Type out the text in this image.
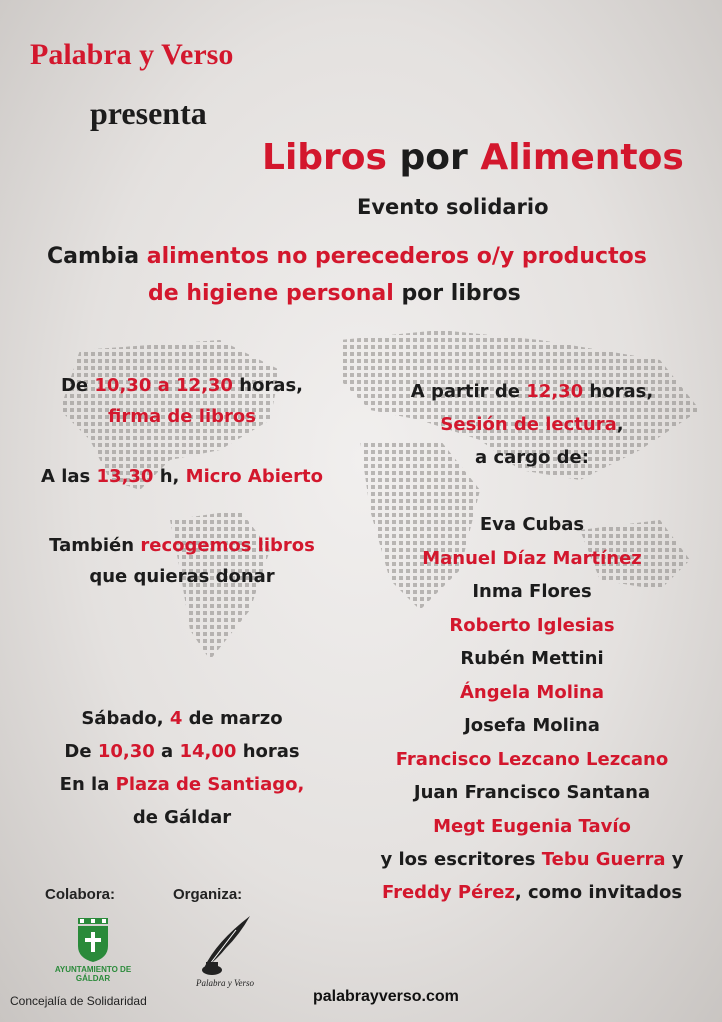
Palabra y Verso
presenta
Libros por Alimentos
Evento solidario
Cambia alimentos no perecederos o/y productos
de higiene personal por libros
De 10,30 a 12,30 horas,
firma de libros
A las 13,30 h, Micro Abierto
También recogemos libros
que quieras donar
Sábado, 4 de marzo
De 10,30 a 14,00 horas
En la Plaza de Santiago,
de Gáldar
A partir de 12,30 horas,
Sesión de lectura,
a cargo de:
Eva Cubas
Manuel Díaz Martínez
Inma Flores
Roberto Iglesias
Rubén Mettini
Ángela Molina
Josefa Molina
Francisco Lezcano Lezcano
Juan Francisco Santana
Megt Eugenia Tavío
y los escritores Tebu Guerra y
Freddy Pérez, como invitados
Colabora:	Organiza:
AYUNTAMIENTO DE GÁLDAR	Palabra y Verso
Concejalía de Solidaridad	palabrayverso.com
